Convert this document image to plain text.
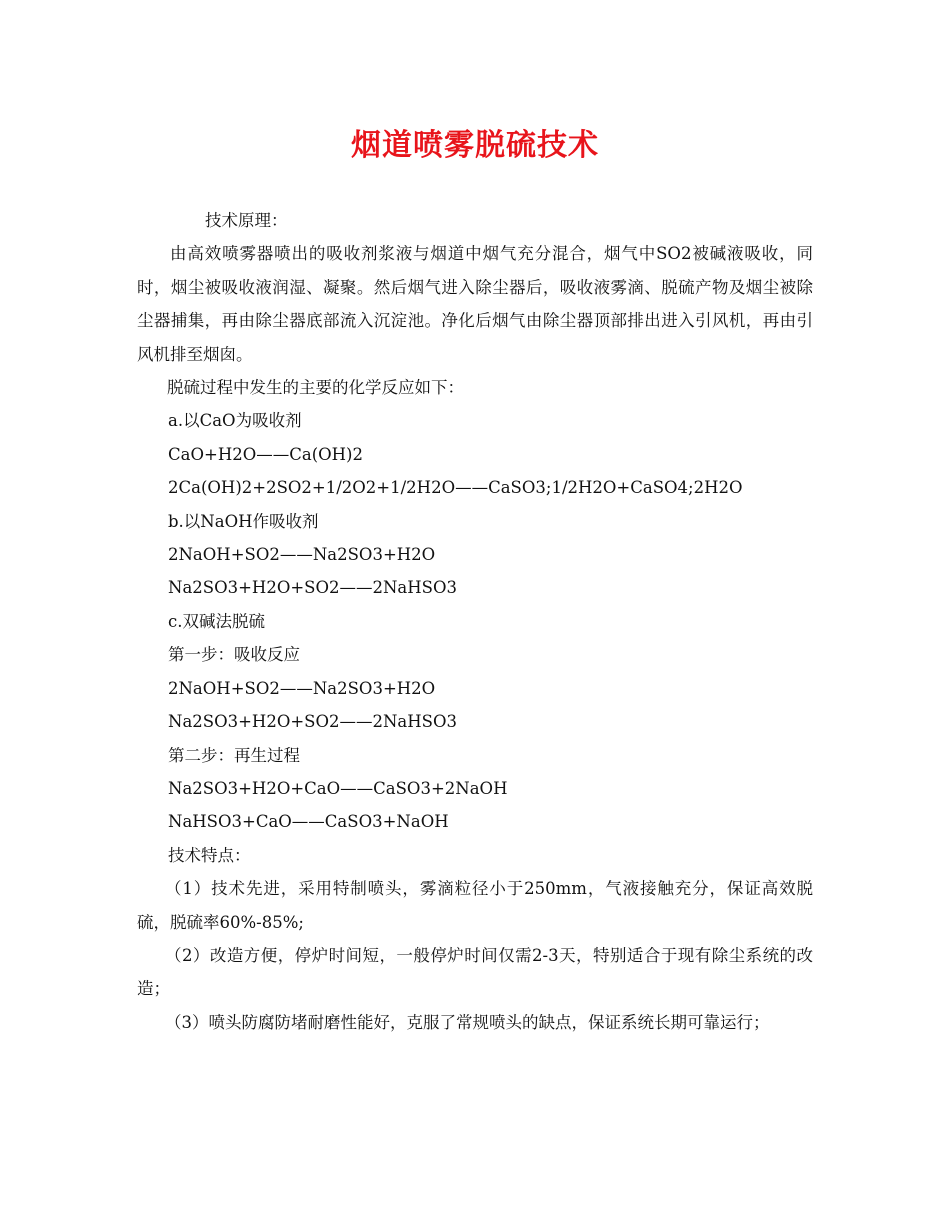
烟道喷雾脱硫技术

技术原理：

由高效喷雾器喷出的吸收剂浆液与烟道中烟气充分混合，烟气中SO2被碱液吸收，同时，烟尘被吸收液润湿、凝聚。然后烟气进入除尘器后，吸收液雾滴、脱硫产物及烟尘被除尘器捕集，再由除尘器底部流入沉淀池。净化后烟气由除尘器顶部排出进入引风机，再由引风机排至烟囱。

脱硫过程中发生的主要的化学反应如下：

a.以CaO为吸收剂

CaO+H2O——Ca(OH)2

2Ca(OH)2+2SO2+1/2O2+1/2H2O——CaSO3;1/2H2O+CaSO4;2H2O

b.以NaOH作吸收剂

2NaOH+SO2——Na2SO3+H2O

Na2SO3+H2O+SO2——2NaHSO3

c.双碱法脱硫

第一步：吸收反应

2NaOH+SO2——Na2SO3+H2O

Na2SO3+H2O+SO2——2NaHSO3

第二步：再生过程

Na2SO3+H2O+CaO——CaSO3+2NaOH

NaHSO3+CaO——CaSO3+NaOH

技术特点：

（1）技术先进，采用特制喷头，雾滴粒径小于250mm，气液接触充分，保证高效脱硫，脱硫率60%-85%;

（2）改造方便，停炉时间短，一般停炉时间仅需2-3天，特别适合于现有除尘系统的改造；

（3）喷头防腐防堵耐磨性能好，克服了常规喷头的缺点，保证系统长期可靠运行；
